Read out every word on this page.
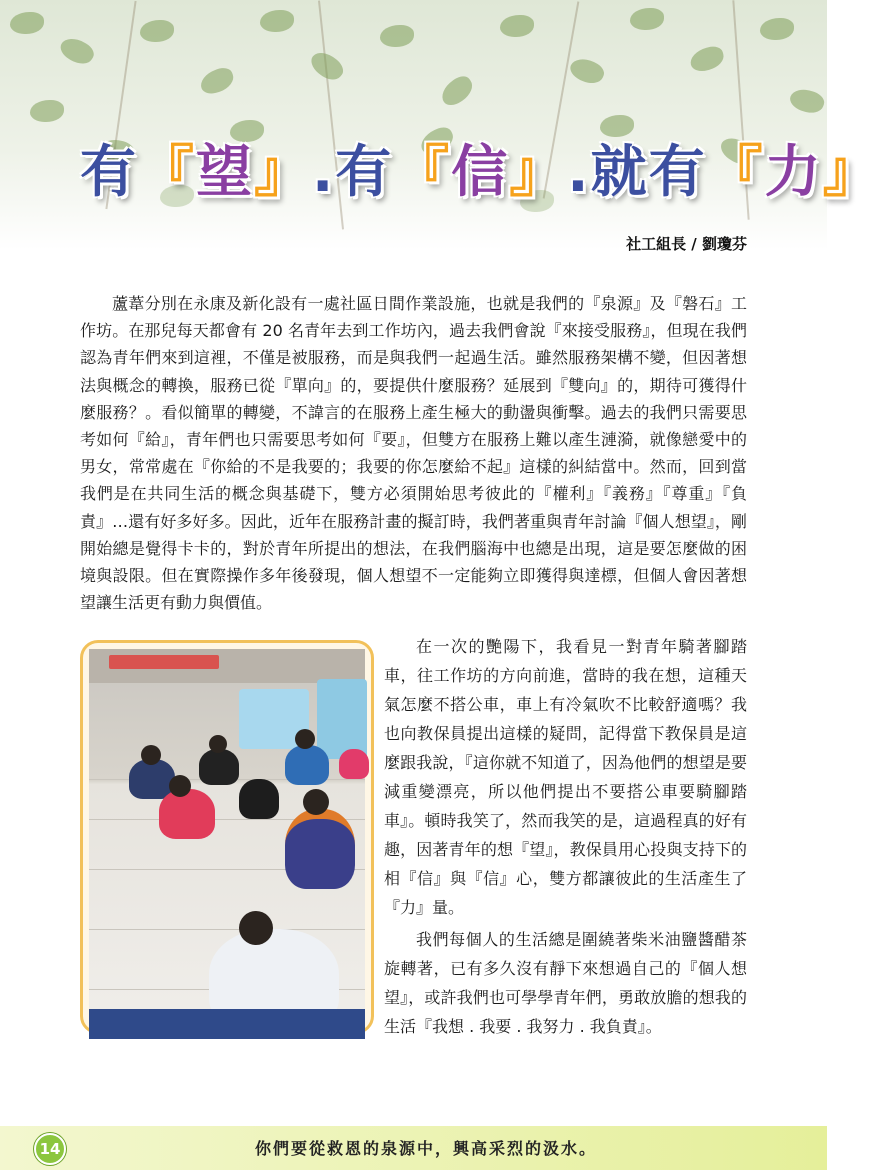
有『望』.有『信』.就有『力』
社工組長 / 劉瓊芬
蘆葦分別在永康及新化設有一處社區日間作業設施，也就是我們的『泉源』及『磐石』工作坊。在那兒每天都會有 20 名青年去到工作坊內，過去我們會說『來接受服務』，但現在我們認為青年們來到這裡，不僅是被服務，而是與我們一起過生活。雖然服務架構不變，但因著想法與概念的轉換，服務已從『單向』的，要提供什麼服務？延展到『雙向』的，期待可獲得什麼服務？。看似簡單的轉變，不諱言的在服務上產生極大的動盪與衝擊。過去的我們只需要思考如何『給』，青年們也只需要思考如何『要』，但雙方在服務上難以產生漣漪，就像戀愛中的男女，常常處在『你給的不是我要的；我要的你怎麼給不起』這樣的糾結當中。然而，回到當我們是在共同生活的概念與基礎下，雙方必須開始思考彼此的『權利』『義務』『尊重』『負責』…還有好多好多。因此，近年在服務計畫的擬訂時，我們著重與青年討論『個人想望』，剛開始總是覺得卡卡的，對於青年所提出的想法，在我們腦海中也總是出現，這是要怎麼做的困境與設限。但在實際操作多年後發現，個人想望不一定能夠立即獲得與達標，但個人會因著想望讓生活更有動力與價值。
在一次的艷陽下，我看見一對青年騎著腳踏車，往工作坊的方向前進，當時的我在想，這種天氣怎麼不搭公車，車上有冷氣吹不比較舒適嗎？我也向教保員提出這樣的疑問，記得當下教保員是這麼跟我說，『這你就不知道了，因為他們的想望是要減重變漂亮，所以他們提出不要搭公車要騎腳踏車』。頓時我笑了，然而我笑的是，這過程真的好有趣，因著青年的想『望』，教保員用心投與支持下的相『信』與『信』心，雙方都讓彼此的生活產生了『力』量。
我們每個人的生活總是圍繞著柴米油鹽醬醋茶旋轉著，已有多久沒有靜下來想過自己的『個人想望』，或許我們也可學學青年們，勇敢放膽的想我的生活『我想 . 我要 . 我努力 . 我負責』。
14	你們要從救恩的泉源中，興高采烈的汲水。
